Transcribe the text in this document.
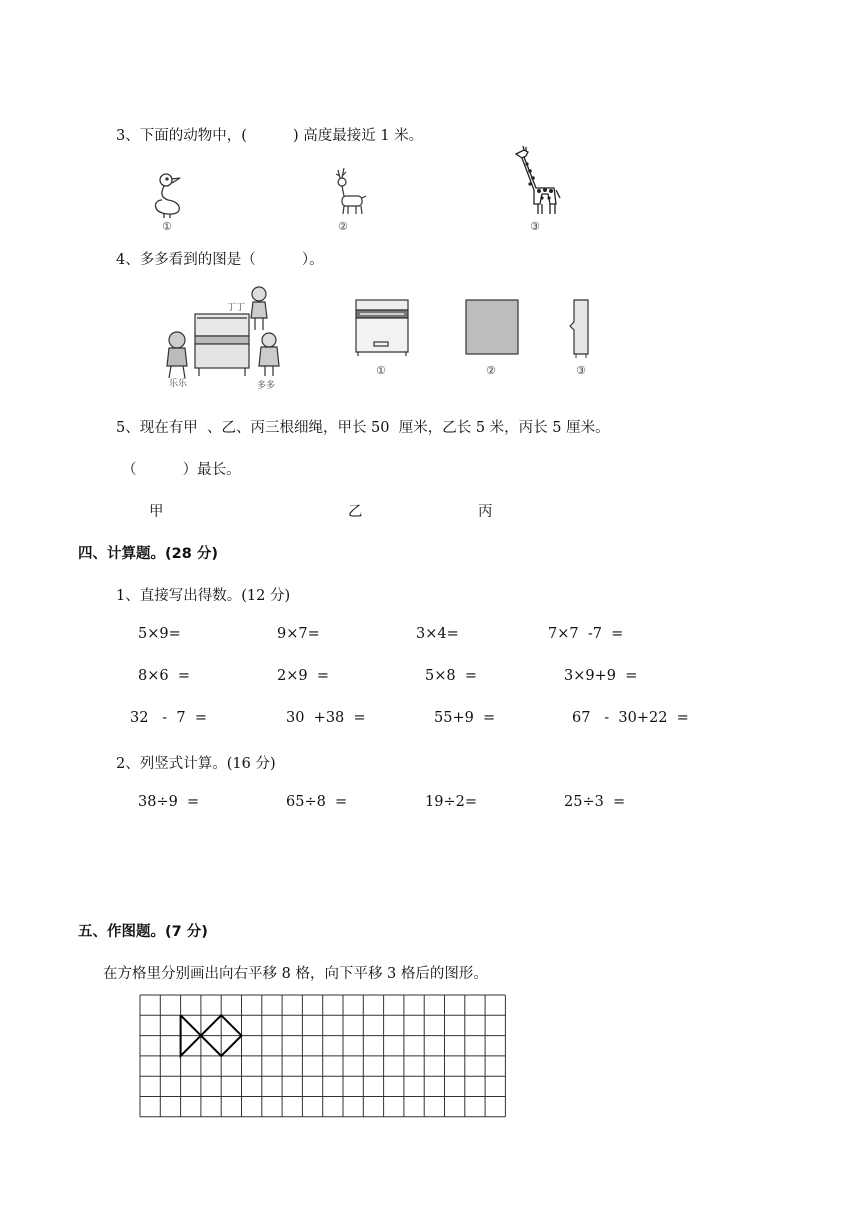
3、下面的动物中，(          ) 高度最接近 1 米。
①	②	③
4、多多看到的图是（          ）。
丁丁
乐乐	多多
①	②	③
5、现在有甲  、乙、丙三根细绳，甲长 50  厘米，乙长 5 米，丙长 5 厘米。
（          ）最长。
甲	乙	丙
四、计算题。(28 分)
1、直接写出得数。(12 分)
5×9=	9×7=	3×4=	7×7  -7  =
8×6  =	2×9  =	5×8  =	3×9+9  =
32   -  7  =	30  +38  =	55+9  =	67   -  30+22  =
2、列竖式计算。(16 分)
38÷9  =	65÷8  =	19÷2=	25÷3  =
五、作图题。(7 分)
在方格里分别画出向右平移 8 格，向下平移 3 格后的图形。
